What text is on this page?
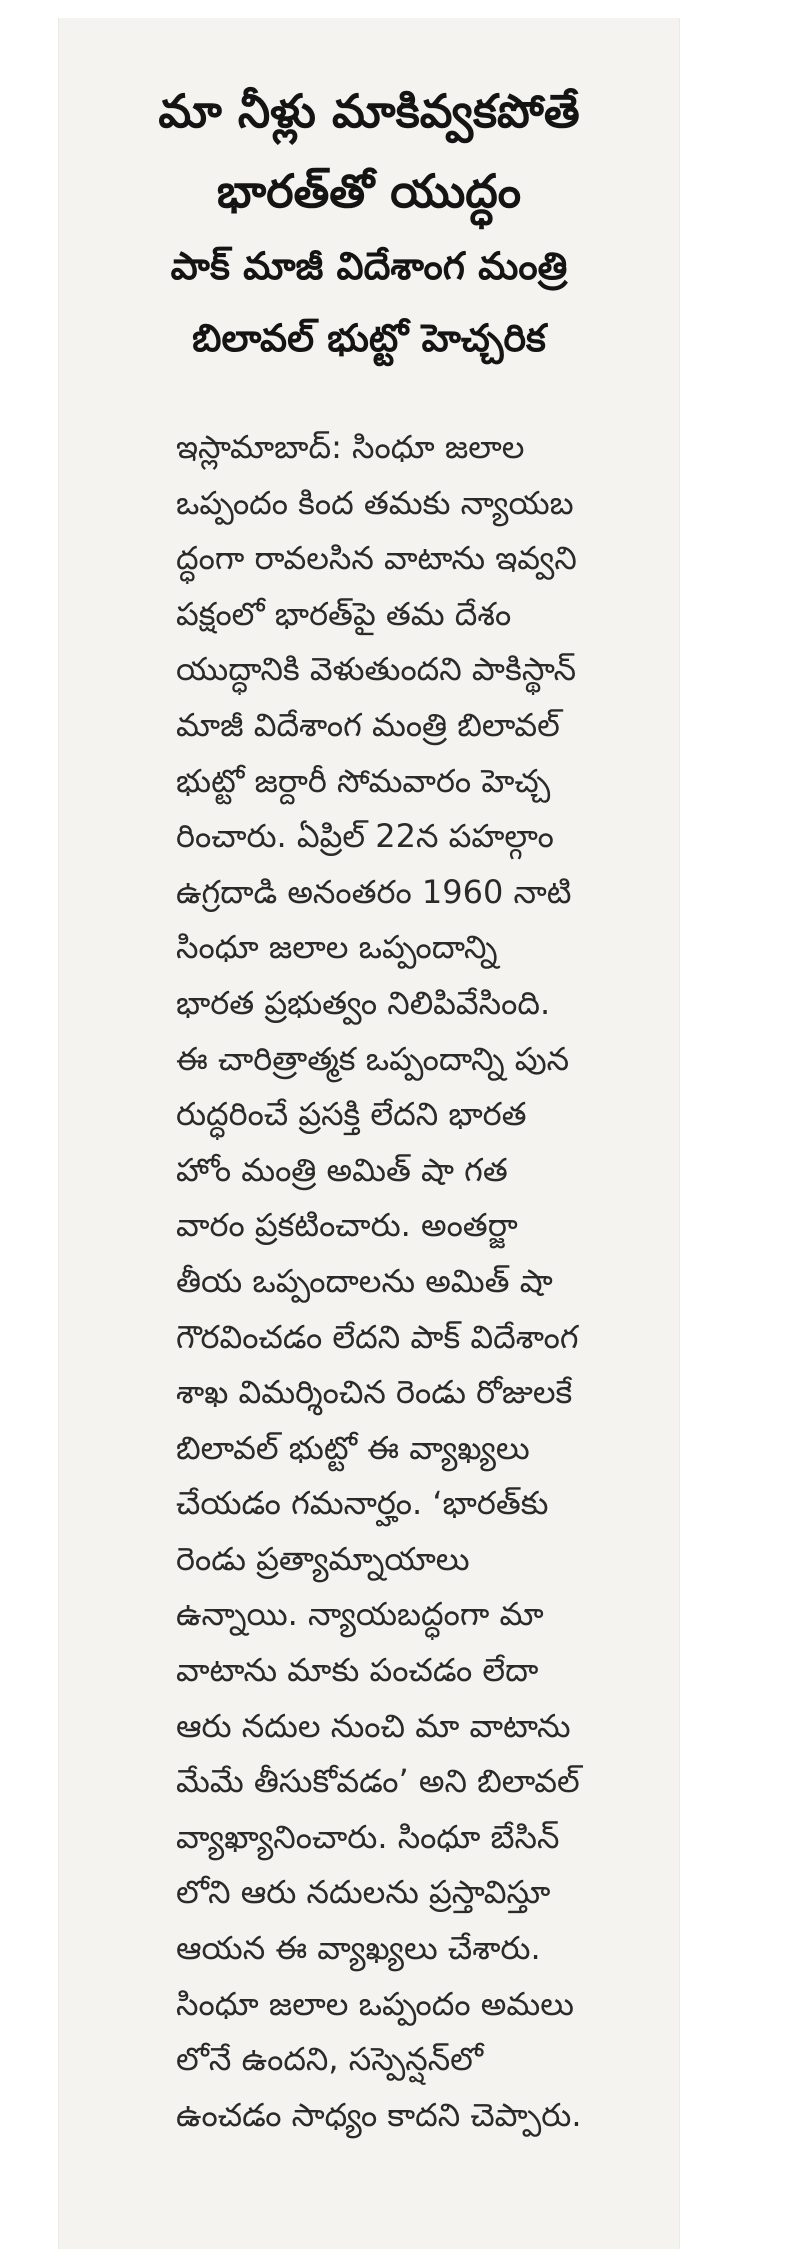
మా నీళ్లు మాకివ్వకపోతే
భారత్‌తో యుద్ధం
పాక్ మాజీ విదేశాంగ మంత్రి
బిలావల్ భుట్టో హెచ్చరిక
ఇస్లామాబాద్: సింధూ జలాల
ఒప్పందం కింద తమకు న్యాయబ
ద్ధంగా రావలసిన వాటాను ఇవ్వని
పక్షంలో భారత్‌పై తమ దేశం
యుద్ధానికి వెళుతుందని పాకిస్థాన్
మాజీ విదేశాంగ మంత్రి బిలావల్
భుట్టో జర్దారీ సోమవారం హెచ్చ
రించారు. ఏప్రిల్ 22న పహల్గాం
ఉగ్రదాడి అనంతరం 1960 నాటి
సింధూ జలాల ఒప్పందాన్ని
భారత ప్రభుత్వం నిలిపివేసింది.
ఈ చారిత్రాత్మక ఒప్పందాన్ని పున
రుద్ధరించే ప్రసక్తి లేదని భారత
హోం మంత్రి అమిత్ షా గత
వారం ప్రకటించారు. అంతర్జా
తీయ ఒప్పందాలను అమిత్ షా
గౌరవించడం లేదని పాక్ విదేశాంగ
శాఖ విమర్శించిన రెండు రోజులకే
బిలావల్ భుట్టో ఈ వ్యాఖ్యలు
చేయడం గమనార్హం. ‘భారత్‌కు
రెండు ప్రత్యామ్నాయాలు
ఉన్నాయి. న్యాయబద్ధంగా మా
వాటాను మాకు పంచడం లేదా
ఆరు నదుల నుంచి మా వాటాను
మేమే తీసుకోవడం’ అని బిలావల్
వ్యాఖ్యానించారు. సింధూ బేసిన్
లోని ఆరు నదులను ప్రస్తావిస్తూ
ఆయన ఈ వ్యాఖ్యలు చేశారు.
సింధూ జలాల ఒప్పందం అమలు
లోనే ఉందని, సస్పెన్షన్‌లో
ఉంచడం సాధ్యం కాదని చెప్పారు.
